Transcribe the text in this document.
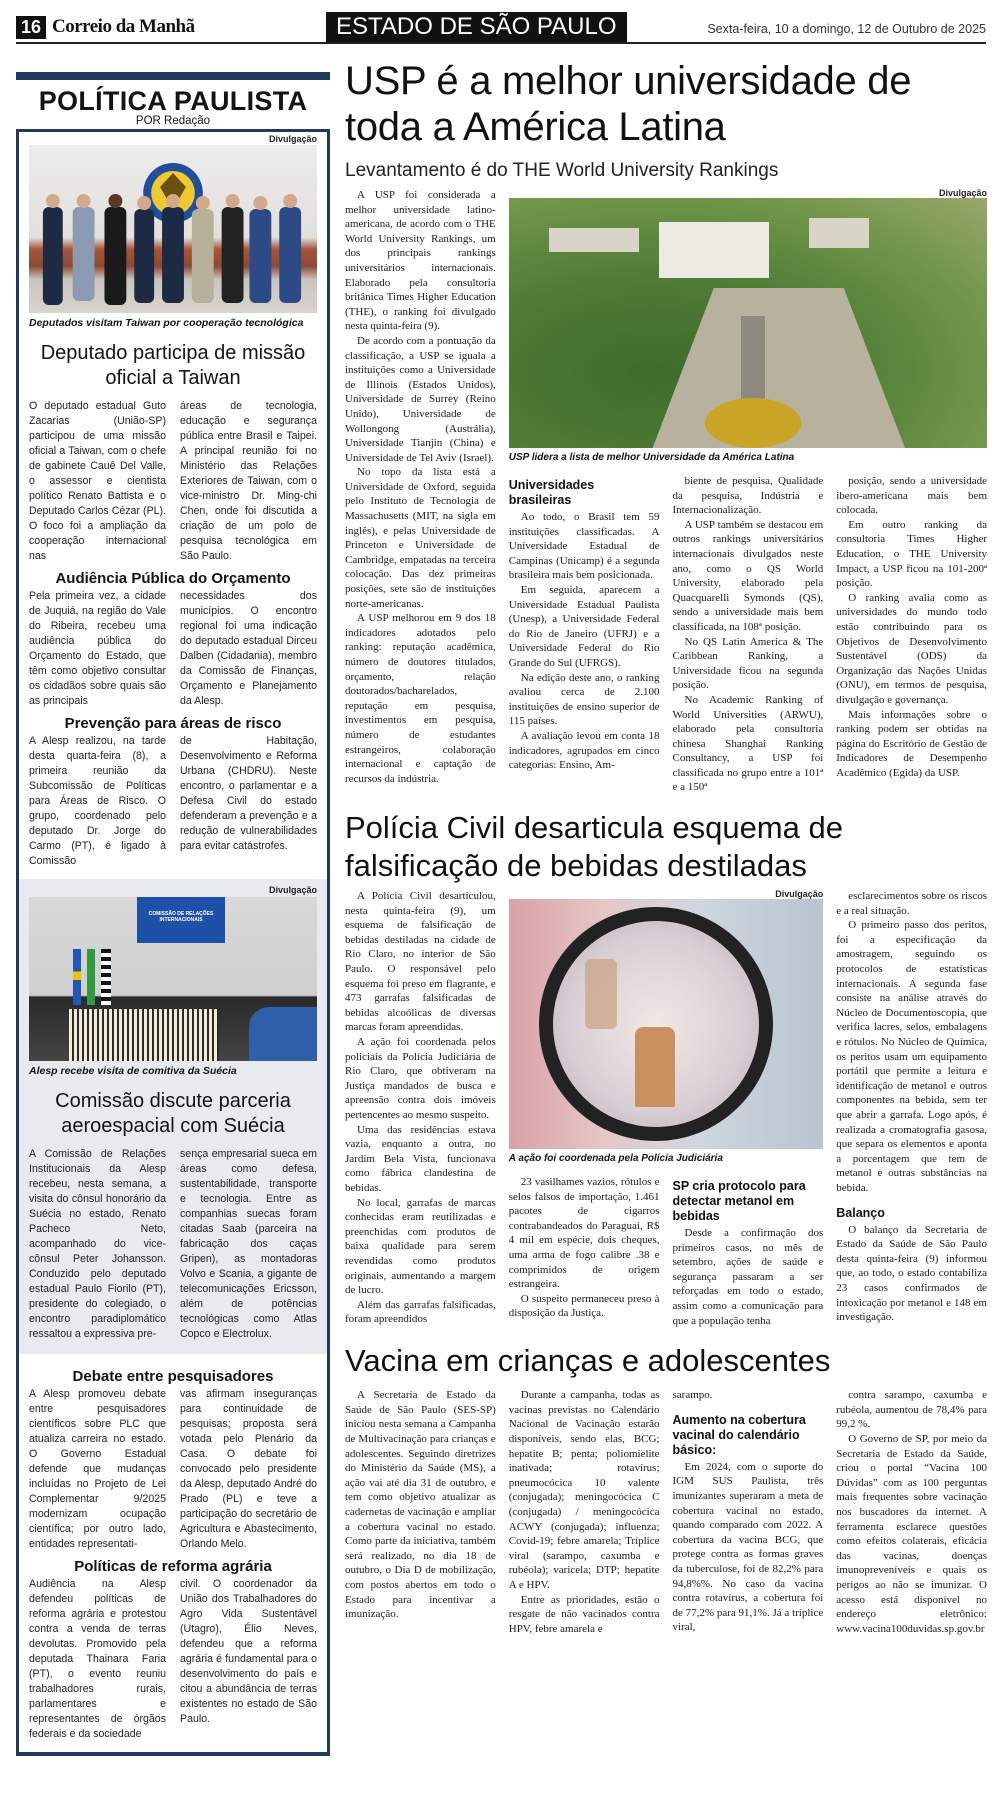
16 Correio da Manhã	ESTADO DE SÃO PAULO	Sexta-feira, 10 a domingo, 12 de Outubro de 2025
POLÍTICA PAULISTA
POR Redação
Divulgação
Deputados visitam Taiwan por cooperação tecnológica
Deputado participa de missão oficial a Taiwan

O deputado estadual Guto Zacarias (União-SP) participou de uma missão oficial a Taiwan, com o chefe de gabinete Cauê Del Valle, o assessor e cientista político Renato Battista e o Deputado Carlos Cézar (PL). O foco foi a ampliação da cooperação internacional nas

áreas de tecnologia, educação e segurança pública entre Brasil e Taipei. A principal reunião foi no Ministério das Relações Exteriores de Taiwan, com o vice-ministro Dr. Ming-chi Chen, onde foi discutida a criação de um polo de pesquisa tecnológica em São Paulo.

Audiência Pública do Orçamento

Pela primeira vez, a cidade de Juquiá, na região do Vale do Ribeira, recebeu uma audiência pública do Orçamento do Estado, que têm como objetivo consultar os cidadãos sobre quais são as principais

necessidades dos municípios. O encontro regional foi uma indicação do deputado estadual Dirceu Dalben (Cidadania), membro da Comissão de Finanças, Orçamento e Planejamento da Alesp.

Prevenção para áreas de risco

A Alesp realizou, na tarde desta quarta-feira (8), a primeira reunião da Subcomissão de Políticas para Áreas de Risco. O grupo, coordenado pelo deputado Dr. Jorge do Carmo (PT), é ligado à Comissão

de Habitação, Desenvolvimento e Reforma Urbana (CHDRU). Neste encontro, o parlamentar e a Defesa Civil do estado defenderam a prevenção e a redução de vulnerabilidades para evitar catástrofes.

Divulgação
COMISSÃO DE RELAÇÕES INTERNACIONAIS
Alesp recebe visita de comitiva da Suécia
Comissão discute parceria aeroespacial com Suécia

A Comissão de Relações Institucionais da Alesp recebeu, nesta semana, a visita do cônsul honorário da Suécia no estado, Renato Pacheco Neto, acompanhado do vice-cônsul Peter Johansson. Conduzido pelo deputado estadual Paulo Fiorilo (PT), presidente do colegiado, o encontro paradiplomático ressaltou a expressiva pre-

sença empresarial sueca em áreas como defesa, sustentabilidade, transporte e tecnologia. Entre as companhias suecas foram citadas Saab (parceira na fabricação dos caças Gripen), as montadoras Volvo e Scania, a gigante de telecomunicações Ericsson, além de potências tecnológicas como Atlas Copco e Electrolux.

Debate entre pesquisadores

A Alesp promoveu debate entre pesquisadores científicos sobre PLC que atualiza carreira no estado. O Governo Estadual defende que mudanças incluídas no Projeto de Lei Complementar 9/2025 modernizam ocupação científica; por outro lado, entidades representati-

vas afirmam inseguranças para continuidade de pesquisas; proposta será votada pelo Plenário da Casa. O debate foi convocado pelo presidente da Alesp, deputado André do Prado (PL) e teve a participação do secretário de Agricultura e Abastecimento, Orlando Melo.

Políticas de reforma agrária

Audiência na Alesp defendeu políticas de reforma agrária e protestou contra a venda de terras devolutas. Promovido pela deputada Thainara Faria (PT), o evento reuniu trabalhadores rurais, parlamentares e representantes de órgãos federais e da sociedade

civil. O coordenador da União dos Trabalhadores do Agro Vida Sustentável (Utagro), Élio Neves, defendeu que a reforma agrária é fundamental para o desenvolvimento do país e citou a abundância de terras existentes no estado de São Paulo.

USP é a melhor universidade de toda a América Latina
Levantamento é do THE World University Rankings

A USP foi considerada a melhor universidade latino-americana, de acordo com o THE World University Rankings, um dos principais rankings universitários internacionais. Elaborado pela consultoria britânica Times Higher Education (THE), o ranking foi divulgado nesta quinta-feira (9).
De acordo com a pontuação da classificação, a USP se iguala a instituições como a Universidade de Illinois (Estados Unidos), Universidade de Surrey (Reino Unido), Universidade de Wollongong (Austrália), Universidade Tianjin (China) e Universidade de Tel Aviv (Israel).
No topo da lista está a Universidade de Oxford, seguida pelo Instituto de Tecnologia de Massachusetts (MIT, na sigla em inglês), e pelas Universidade de Princeton e Universidade de Cambridge, empatadas na terceira colocação. Das dez primeiras posições, sete são de instituições norte-americanas.
A USP melhorou em 9 dos 18 indicadores adotados pelo ranking: reputação acadêmica, número de doutores titulados, orçamento, relação doutorados/bacharelados, reputação em pesquisa, investimentos em pesquisa, número de estudantes estrangeiros, colaboração internacional e captação de recursos da indústria.

Divulgação
USP lidera a lista de melhor Universidade da América Latina
Universidades brasileiras

Ao todo, o Brasil tem 59 instituições classificadas. A Universidade Estadual de Campinas (Unicamp) é a segunda brasileira mais bem posicionada.
Em seguida, aparecem a Universidade Estadual Paulista (Unesp), a Universidade Federal do Rio de Janeiro (UFRJ) e a Universidade Federal do Rio Grande do Sul (UFRGS).
Na edição deste ano, o ranking avaliou cerca de 2.100 instituições de ensino superior de 115 países.
A avaliação levou em conta 18 indicadores, agrupados em cinco categorias: Ensino, Am-

biente de pesquisa, Qualidade da pesquisa, Indústria e Internacionalização.
A USP também se destacou em outros rankings universitários internacionais divulgados neste ano, como o QS World University, elaborado pela Quacquarelli Symonds (QS), sendo a universidade mais bem classificada, na 108ª posição.
No QS Latin America & The Caribbean Ranking, a Universidade ficou na segunda posição.
No Academic Ranking of World Universities (ARWU), elaborado pela consultoria chinesa Shanghai Ranking Consultancy, a USP foi classificada no grupo entre a 101ª e a 150ª

posição, sendo a universidade ibero-americana mais bem colocada.
Em outro ranking da consultoria Times Higher Education, o THE University Impact, a USP ficou na 101-200ª posição.
O ranking avalia como as universidades do mundo todo estão contribuindo para os Objetivos de Desenvolvimento Sustentável (ODS) da Organização das Nações Unidas (ONU), em termos de pesquisa, divulgação e governança.
Mais informações sobre o ranking podem ser obtidas na página do Escritório de Gestão de Indicadores de Desempenho Acadêmico (Egida) da USP.

Polícia Civil desarticula esquema de falsificação de bebidas destiladas

A Polícia Civil desarticulou, nesta quinta-feira (9), um esquema de falsificação de bebidas destiladas na cidade de Rio Claro, no interior de São Paulo. O responsável pelo esquema foi preso em flagrante, e 473 garrafas falsificadas de bebidas alcoólicas de diversas marcas foram apreendidas.
A ação foi coordenada pelos policiais da Polícia Judiciária de Rio Claro, que obtiveram na Justiça mandados de busca e apreensão contra dois imóveis pertencentes ao mesmo suspeito.
Uma das residências estava vazia, enquanto a outra, no Jardim Bela Vista, funcionava como fábrica clandestina de bebidas.
No local, garrafas de marcas conhecidas eram reutilizadas e preenchidas com produtos de baixa qualidade para serem revendidas como produtos originais, aumentando a margem de lucro.
Além das garrafas falsificadas, foram apreendidos

Divulgação
A ação foi coordenada pela Polícia Judiciária

esclarecimentos sobre os riscos e a real situação.
O primeiro passo dos peritos, foi a especificação da amostragem, seguindo os protocolos de estatísticas internacionais. A segunda fase consiste na análise através do Núcleo de Documentoscopia, que verifica lacres, selos, embalagens e rótulos. No Núcleo de Química, os peritos usam um equipamento portátil que permite a leitura e identificação de metanol e outros componentes na bebida, sem ter que abrir a garrafa. Logo após, é realizada a cromatografia gasosa, que separa os elementos e aponta a porcentagem que tem de metanol e outras substâncias na bebida.

Balanço

O balanço da Secretaria de Estado da Saúde de São Paulo desta quinta-feira (9) informou que, ao todo, o estado contabiliza 23 casos confirmados de intoxicação por metanol e 148 em investigação.

23 vasilhames vazios, rótulos e selos falsos de importação, 1.461 pacotes de cigarros contrabandeados do Paraguai, R$ 4 mil em espécie, dois cheques, uma arma de fogo calibre .38 e comprimidos de origem estrangeira.
O suspeito permaneceu preso à disposição da Justiça.

SP cria protocolo para detectar metanol em bebidas

Desde a confirmação dos primeiros casos, no mês de setembro, ações de saúde e segurança passaram a ser reforçadas em todo o estado, assim como a comunicação para que a população tenha

Vacina em crianças e adolescentes

A Secretaria de Estado da Saúde de São Paulo (SES-SP) iniciou nesta semana a Campanha de Multivacinação para crianças e adolescentes. Seguindo diretrizes do Ministério da Saúde (MS), a ação vai até dia 31 de outubro, e tem como objetivo atualizar as cadernetas de vacinação e ampliar a cobertura vacinal no estado. Como parte da iniciativa, também será realizado, no dia 18 de outubro, o Dia D de mobilização, com postos abertos em todo o Estado para incentivar a imunização.

Durante a campanha, todas as vacinas previstas no Calendário Nacional de Vacinação estarão disponíveis, sendo elas, BCG; hepatite B; penta; poliomielite inativada; rotavírus; pneumocócica 10 valente (conjugada); meningocócica C (conjugada) / meningocócica ACWY (conjugada); influenza; Covid-19; febre amarela; Tríplice viral (sarampo, caxumba e rubéola); varicela; DTP; hepatite A e HPV.
Entre as prioridades, estão o resgate de não vacinados contra HPV, febre amarela e

sarampo.

Aumento na cobertura vacinal do calendário básico:

Em 2024, com o suporte do IGM SUS Paulista, três imunizantes superaram a meta de cobertura vacinal no estado, quando comparado com 2022. A cobertura da vacina BCG, que protege contra as formas graves da tuberculose, foi de 82,2% para 94,8%%. No caso da vacina contra rotavírus, a cobertura foi de 77,2% para 91,1%. Já a tríplice viral,

contra sarampo, caxumba e rubéola, aumentou de 78,4% para 99,2 %.
O Governo de SP, por meio da Secretaria de Estado da Saúde, criou o portal “Vacina 100 Dúvidas” com as 100 perguntas mais frequentes sobre vacinação nos buscadores da internet. A ferramenta esclarece questões como efeitos colaterais, eficácia das vacinas, doenças imunopreveníveis e quais os perigos ao não se imunizar. O acesso está disponível no endereço eletrônico: www.vacina100duvidas.sp.gov.br
